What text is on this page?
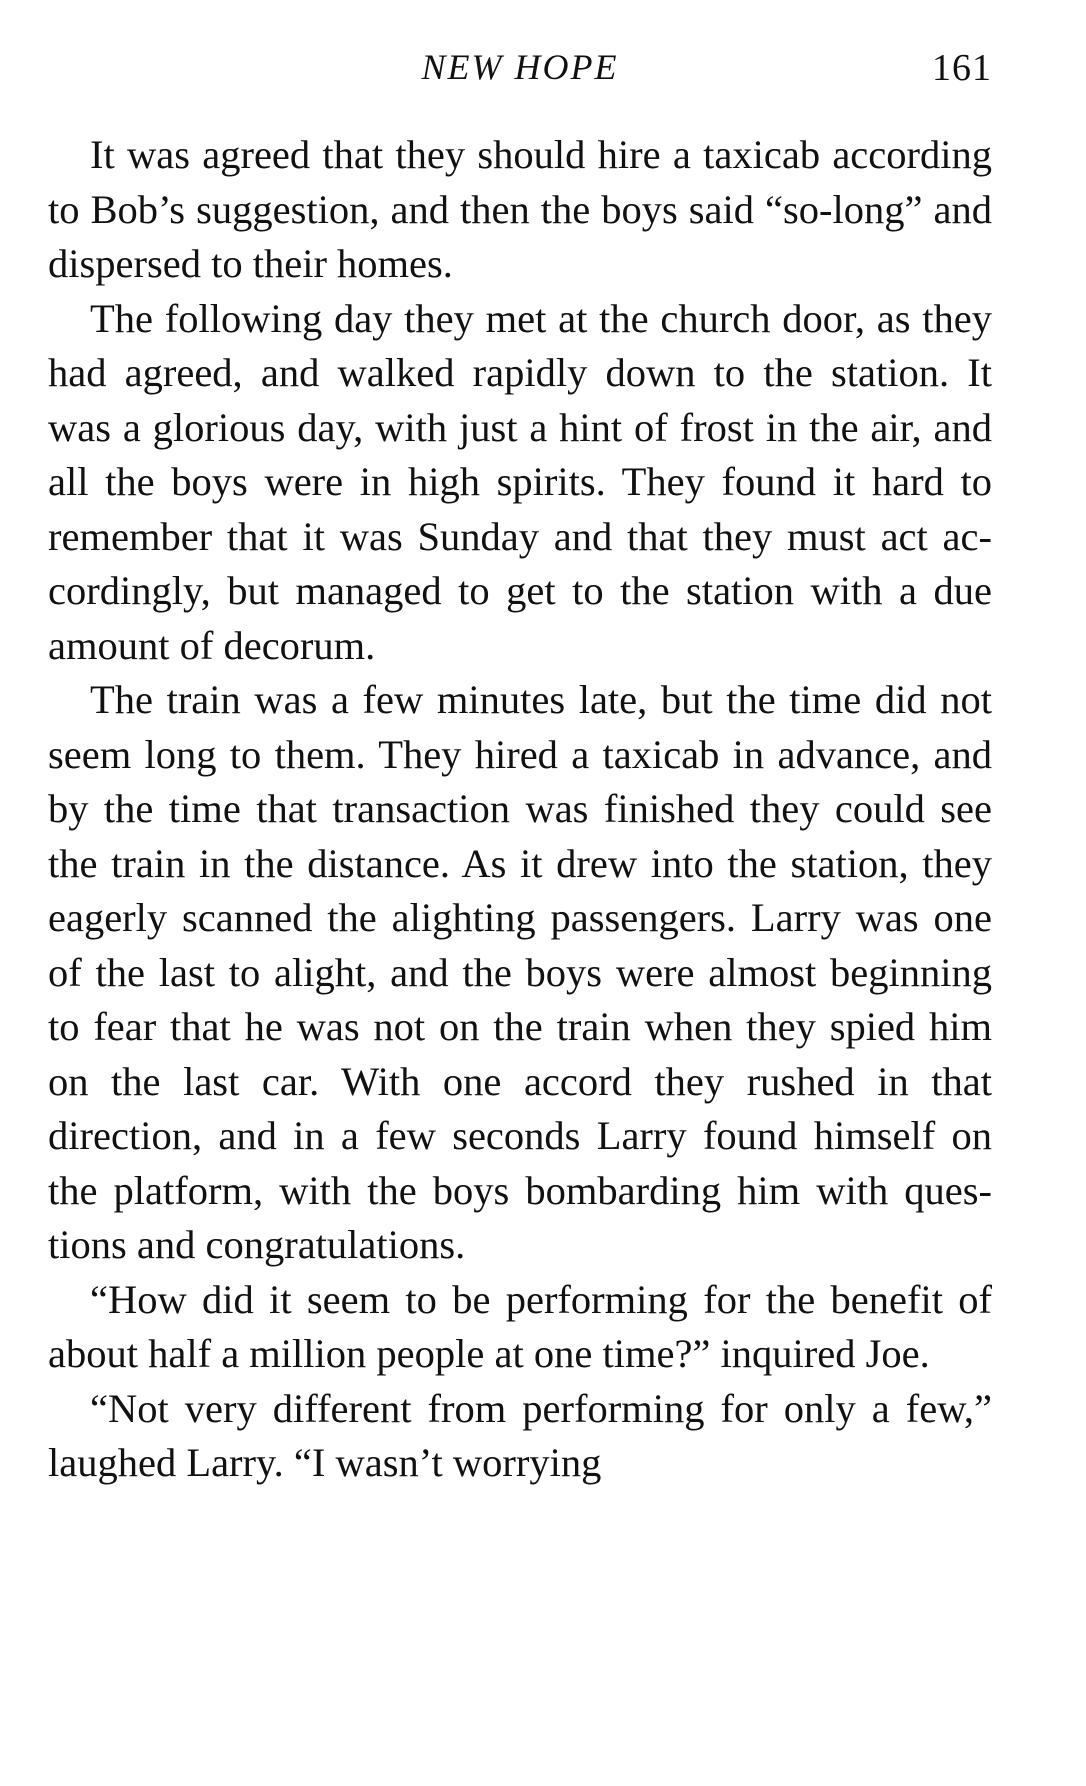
NEW HOPE	161

It was agreed that they should hire a taxicab according to Bob’s suggestion, and then the boys said “so-long” and dispersed to their homes.

The following day they met at the church door, as they had agreed, and walked rapidly down to the station. It was a glorious day, with just a hint of frost in the air, and all the boys were in high spirits. They found it hard to remember that it was Sunday and that they must act accordingly, but managed to get to the station with a due amount of decorum.

The train was a few minutes late, but the time did not seem long to them. They hired a taxicab in advance, and by the time that transaction was finished they could see the train in the distance. As it drew into the station, they eagerly scanned the alighting passengers. Larry was one of the last to alight, and the boys were almost beginning to fear that he was not on the train when they spied him on the last car. With one accord they rushed in that direction, and in a few seconds Larry found himself on the platform, with the boys bombarding him with questions and congratulations.

“How did it seem to be performing for the benefit of about half a million people at one time?” inquired Joe.

“Not very different from performing for only a few,” laughed Larry. “I wasn’t worrying
